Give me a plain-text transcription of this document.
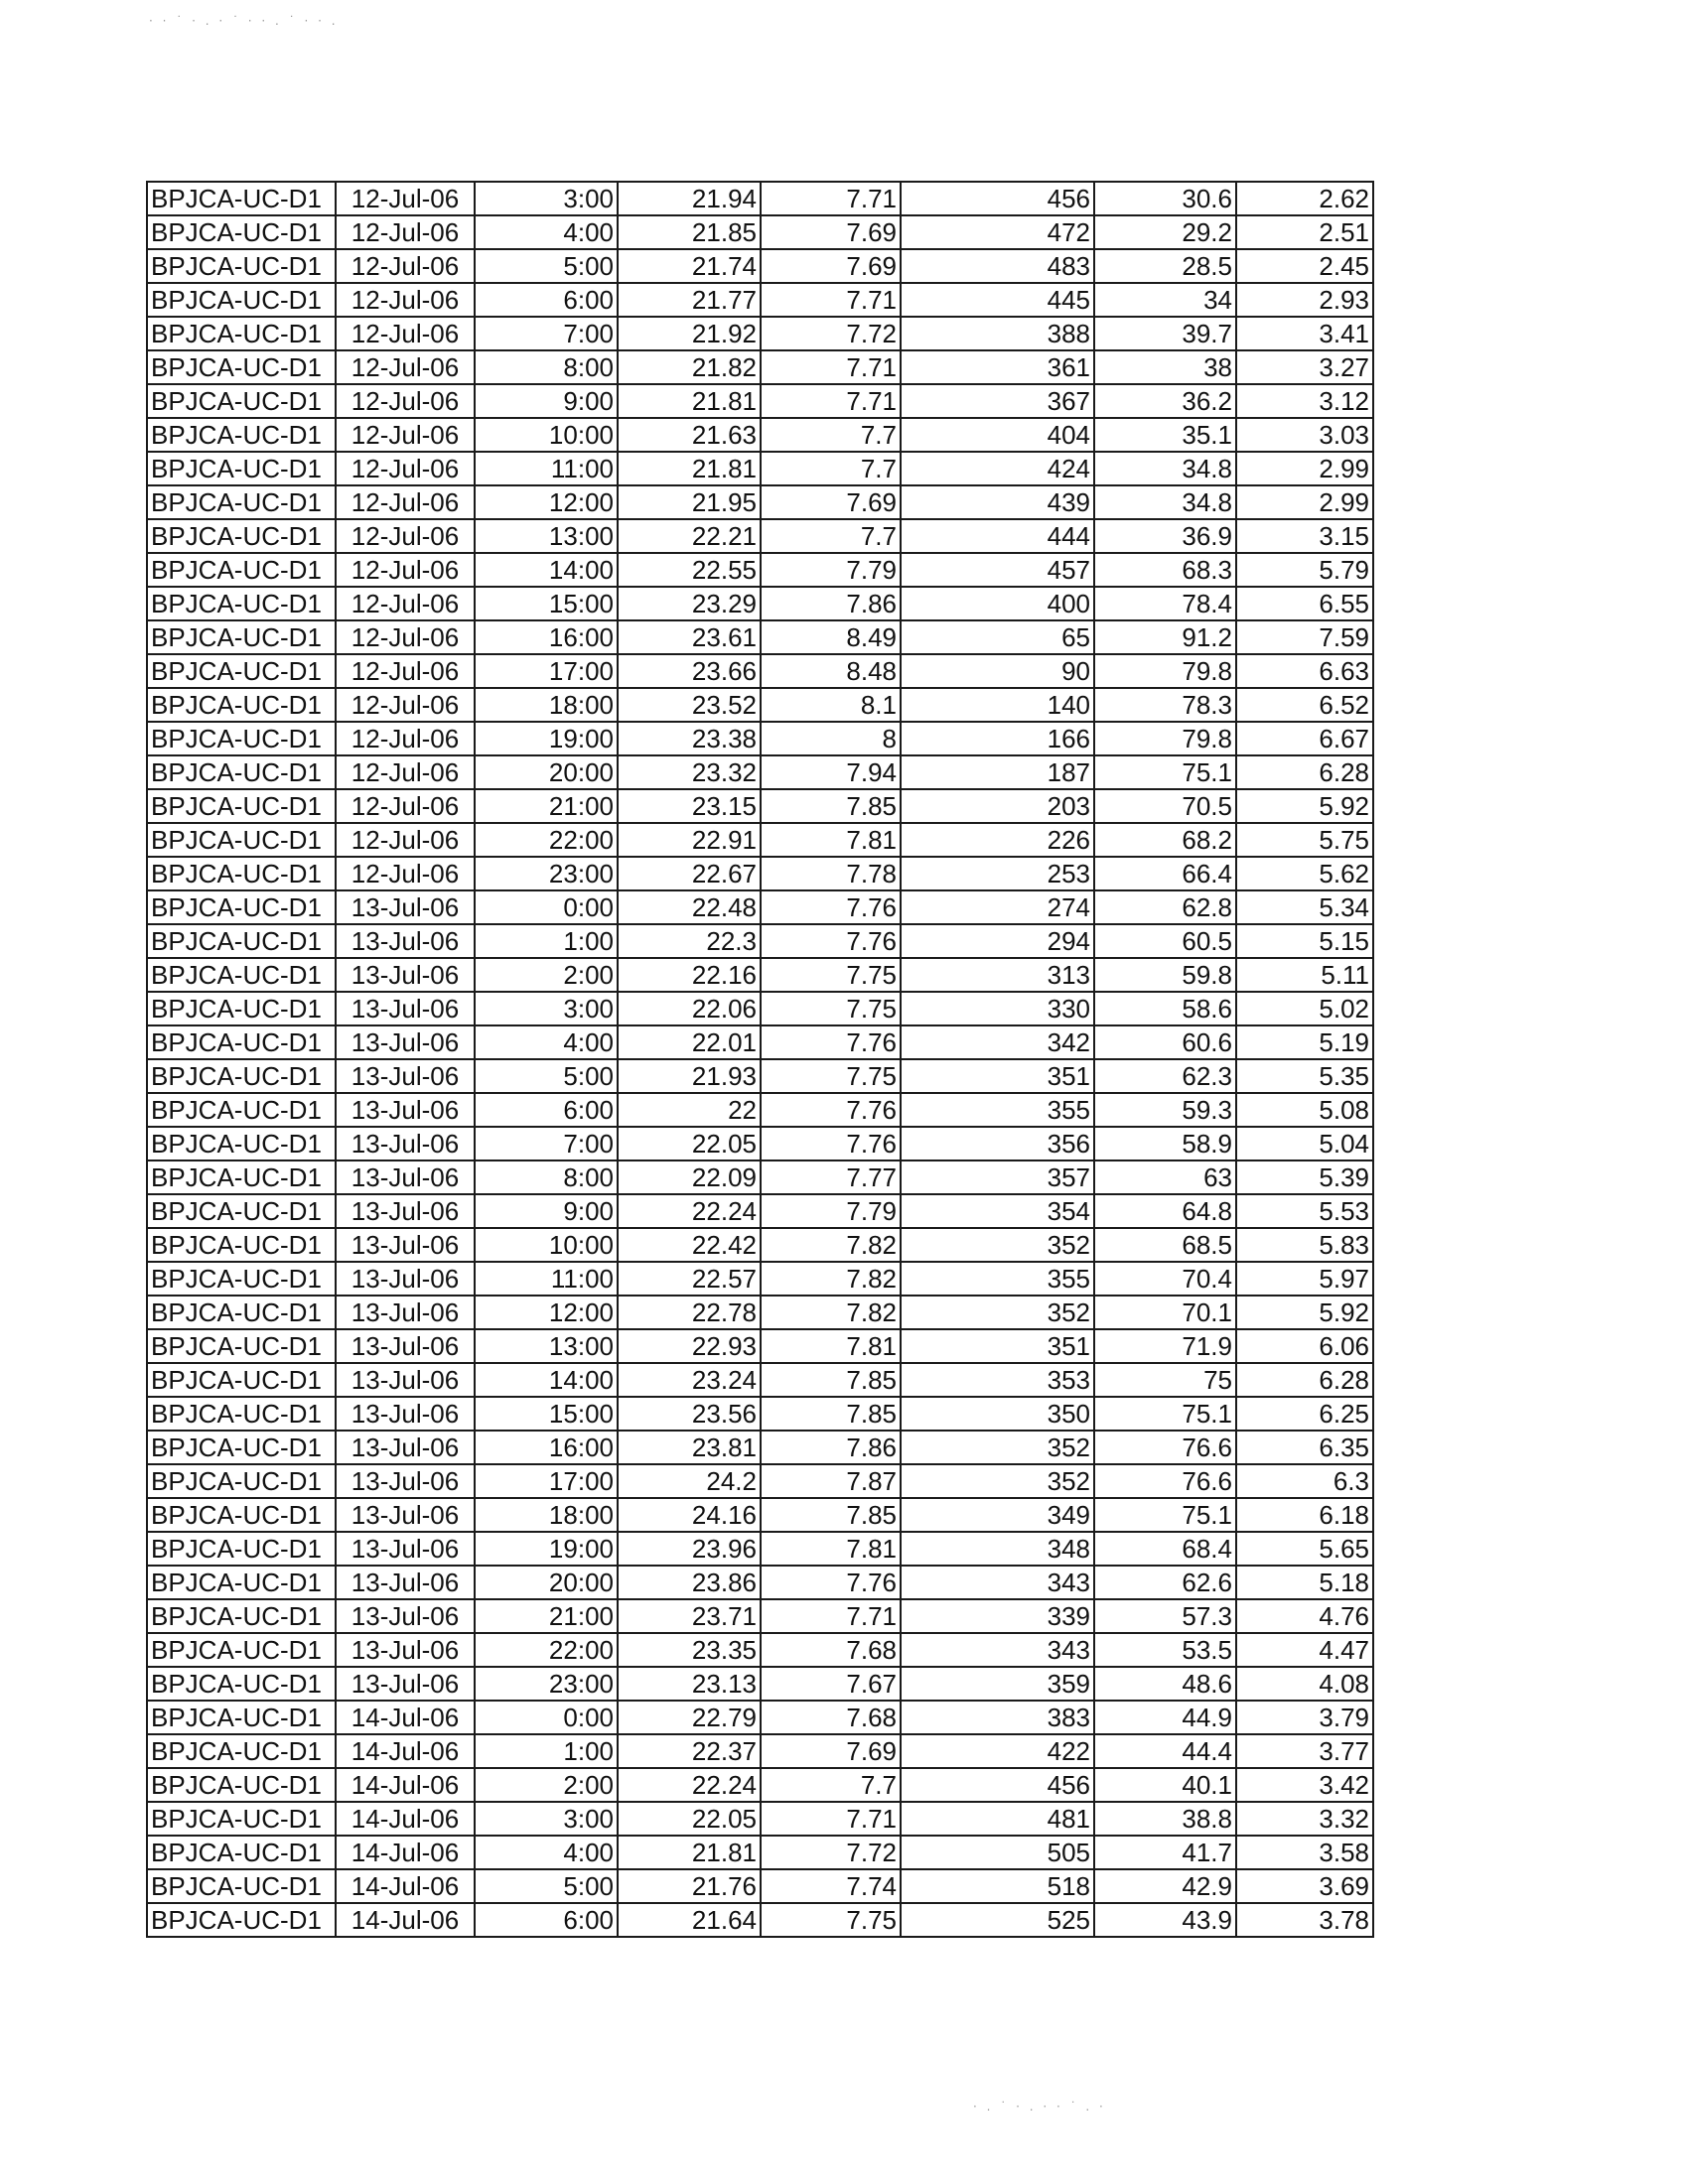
· · ˙ · . · ˙ · · . ˙ · · .
· . ˙ · . · · ˙ . ·
BPJCA-UC-D1	12-Jul-06	3:00	21.94	7.71	456	30.6	2.62
BPJCA-UC-D1	12-Jul-06	4:00	21.85	7.69	472	29.2	2.51
BPJCA-UC-D1	12-Jul-06	5:00	21.74	7.69	483	28.5	2.45
BPJCA-UC-D1	12-Jul-06	6:00	21.77	7.71	445	34	2.93
BPJCA-UC-D1	12-Jul-06	7:00	21.92	7.72	388	39.7	3.41
BPJCA-UC-D1	12-Jul-06	8:00	21.82	7.71	361	38	3.27
BPJCA-UC-D1	12-Jul-06	9:00	21.81	7.71	367	36.2	3.12
BPJCA-UC-D1	12-Jul-06	10:00	21.63	7.7	404	35.1	3.03
BPJCA-UC-D1	12-Jul-06	11:00	21.81	7.7	424	34.8	2.99
BPJCA-UC-D1	12-Jul-06	12:00	21.95	7.69	439	34.8	2.99
BPJCA-UC-D1	12-Jul-06	13:00	22.21	7.7	444	36.9	3.15
BPJCA-UC-D1	12-Jul-06	14:00	22.55	7.79	457	68.3	5.79
BPJCA-UC-D1	12-Jul-06	15:00	23.29	7.86	400	78.4	6.55
BPJCA-UC-D1	12-Jul-06	16:00	23.61	8.49	65	91.2	7.59
BPJCA-UC-D1	12-Jul-06	17:00	23.66	8.48	90	79.8	6.63
BPJCA-UC-D1	12-Jul-06	18:00	23.52	8.1	140	78.3	6.52
BPJCA-UC-D1	12-Jul-06	19:00	23.38	8	166	79.8	6.67
BPJCA-UC-D1	12-Jul-06	20:00	23.32	7.94	187	75.1	6.28
BPJCA-UC-D1	12-Jul-06	21:00	23.15	7.85	203	70.5	5.92
BPJCA-UC-D1	12-Jul-06	22:00	22.91	7.81	226	68.2	5.75
BPJCA-UC-D1	12-Jul-06	23:00	22.67	7.78	253	66.4	5.62
BPJCA-UC-D1	13-Jul-06	0:00	22.48	7.76	274	62.8	5.34
BPJCA-UC-D1	13-Jul-06	1:00	22.3	7.76	294	60.5	5.15
BPJCA-UC-D1	13-Jul-06	2:00	22.16	7.75	313	59.8	5.11
BPJCA-UC-D1	13-Jul-06	3:00	22.06	7.75	330	58.6	5.02
BPJCA-UC-D1	13-Jul-06	4:00	22.01	7.76	342	60.6	5.19
BPJCA-UC-D1	13-Jul-06	5:00	21.93	7.75	351	62.3	5.35
BPJCA-UC-D1	13-Jul-06	6:00	22	7.76	355	59.3	5.08
BPJCA-UC-D1	13-Jul-06	7:00	22.05	7.76	356	58.9	5.04
BPJCA-UC-D1	13-Jul-06	8:00	22.09	7.77	357	63	5.39
BPJCA-UC-D1	13-Jul-06	9:00	22.24	7.79	354	64.8	5.53
BPJCA-UC-D1	13-Jul-06	10:00	22.42	7.82	352	68.5	5.83
BPJCA-UC-D1	13-Jul-06	11:00	22.57	7.82	355	70.4	5.97
BPJCA-UC-D1	13-Jul-06	12:00	22.78	7.82	352	70.1	5.92
BPJCA-UC-D1	13-Jul-06	13:00	22.93	7.81	351	71.9	6.06
BPJCA-UC-D1	13-Jul-06	14:00	23.24	7.85	353	75	6.28
BPJCA-UC-D1	13-Jul-06	15:00	23.56	7.85	350	75.1	6.25
BPJCA-UC-D1	13-Jul-06	16:00	23.81	7.86	352	76.6	6.35
BPJCA-UC-D1	13-Jul-06	17:00	24.2	7.87	352	76.6	6.3
BPJCA-UC-D1	13-Jul-06	18:00	24.16	7.85	349	75.1	6.18
BPJCA-UC-D1	13-Jul-06	19:00	23.96	7.81	348	68.4	5.65
BPJCA-UC-D1	13-Jul-06	20:00	23.86	7.76	343	62.6	5.18
BPJCA-UC-D1	13-Jul-06	21:00	23.71	7.71	339	57.3	4.76
BPJCA-UC-D1	13-Jul-06	22:00	23.35	7.68	343	53.5	4.47
BPJCA-UC-D1	13-Jul-06	23:00	23.13	7.67	359	48.6	4.08
BPJCA-UC-D1	14-Jul-06	0:00	22.79	7.68	383	44.9	3.79
BPJCA-UC-D1	14-Jul-06	1:00	22.37	7.69	422	44.4	3.77
BPJCA-UC-D1	14-Jul-06	2:00	22.24	7.7	456	40.1	3.42
BPJCA-UC-D1	14-Jul-06	3:00	22.05	7.71	481	38.8	3.32
BPJCA-UC-D1	14-Jul-06	4:00	21.81	7.72	505	41.7	3.58
BPJCA-UC-D1	14-Jul-06	5:00	21.76	7.74	518	42.9	3.69
BPJCA-UC-D1	14-Jul-06	6:00	21.64	7.75	525	43.9	3.78
